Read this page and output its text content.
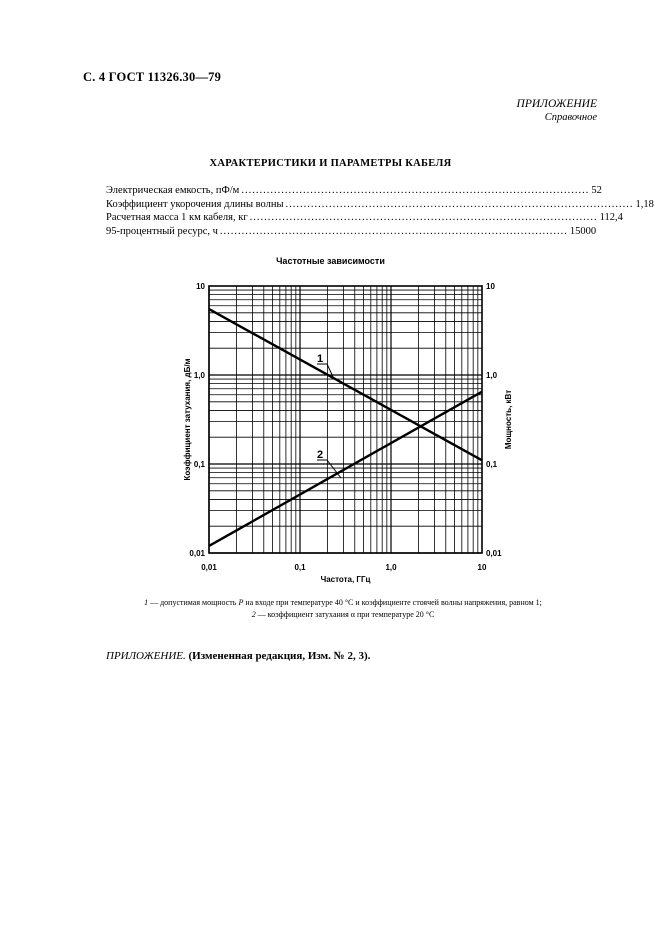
С. 4 ГОСТ 11326.30—79
ПРИЛОЖЕНИЕ
Справочное
ХАРАКТЕРИСТИКИ И ПАРАМЕТРЫ КАБЕЛЯ
Электрическая емкость, пФ/м ................................................................................................ 52
Коэффициент укорочения длины волны ................................................................................................ 1,18
Расчетная масса 1 км кабеля, кг ................................................................................................ 112,4
95-процентный ресурс, ч ................................................................................................ 15000
Частотные зависимости
0,01	0,1	1,0	10
0,01
0,1
1,0
10
0,01
0,1
1,0
10
Частота, ГГц
Коэффициент затухания, дБ/м	Мощность, кВт
1
2
1 — допустимая мощность P на входе при температуре 40 °С и коэффициенте стоячей волны напряжения, равном 1;
2 — коэффициент затухания α при температуре 20 °С
ПРИЛОЖЕНИЕ. (Измененная редакция, Изм. № 2, 3).
